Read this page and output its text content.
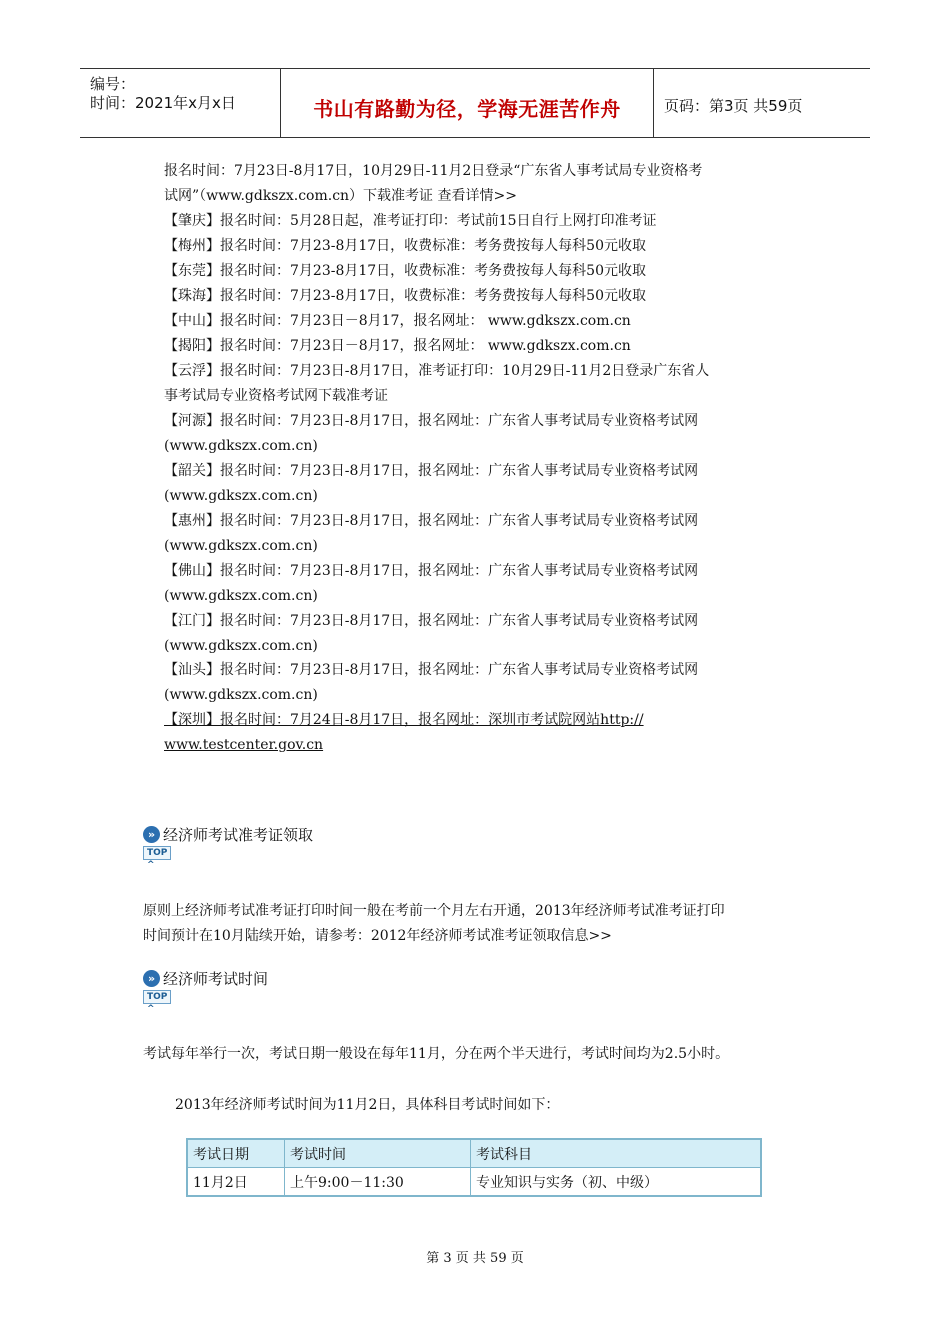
编号：
时间：2021年x月x日	书山有路勤为径，学海无涯苦作舟	页码：第3页 共59页
报名时间：7月23日-8月17日，10月29日-11月2日登录“广东省人事考试局专业资格考
试网”（www.gdkszx.com.cn）下载准考证 查看详情>>
【肇庆】报名时间：5月28日起，准考证打印：考试前15日自行上网打印准考证
【梅州】报名时间：7月23-8月17日，收费标准：考务费按每人每科50元收取
【东莞】报名时间：7月23-8月17日，收费标准：考务费按每人每科50元收取
【珠海】报名时间：7月23-8月17日，收费标准：考务费按每人每科50元收取
【中山】报名时间：7月23日－8月17，报名网址： www.gdkszx.com.cn
【揭阳】报名时间：7月23日－8月17，报名网址： www.gdkszx.com.cn
【云浮】报名时间：7月23日-8月17日，准考证打印：10月29日-11月2日登录广东省人
事考试局专业资格考试网下载准考证
【河源】报名时间：7月23日-8月17日，报名网址：广东省人事考试局专业资格考试网
(www.gdkszx.com.cn)
【韶关】报名时间：7月23日-8月17日，报名网址：广东省人事考试局专业资格考试网
(www.gdkszx.com.cn)
【惠州】报名时间：7月23日-8月17日，报名网址：广东省人事考试局专业资格考试网
(www.gdkszx.com.cn)
【佛山】报名时间：7月23日-8月17日，报名网址：广东省人事考试局专业资格考试网
(www.gdkszx.com.cn)
【江门】报名时间：7月23日-8月17日，报名网址：广东省人事考试局专业资格考试网
(www.gdkszx.com.cn)
【汕头】报名时间：7月23日-8月17日，报名网址：广东省人事考试局专业资格考试网
(www.gdkszx.com.cn)
【深圳】报名时间：7月24日-8月17日，报名网址：深圳市考试院网站http://
www.testcenter.gov.cn
» 经济师考试准考证领取
TOP ^
原则上经济师考试准考证打印时间一般在考前一个月左右开通，2013年经济师考试准考证打印
时间预计在10月陆续开始，请参考：2012年经济师考试准考证领取信息>>
» 经济师考试时间
TOP ^
考试每年举行一次，考试日期一般设在每年11月，分在两个半天进行，考试时间均为2.5小时。
2013年经济师考试时间为11月2日，具体科目考试时间如下：
考试日期	考试时间	考试科目
11月2日	上午9:00－11:30	专业知识与实务（初、中级）
第 3 页 共 59 页
